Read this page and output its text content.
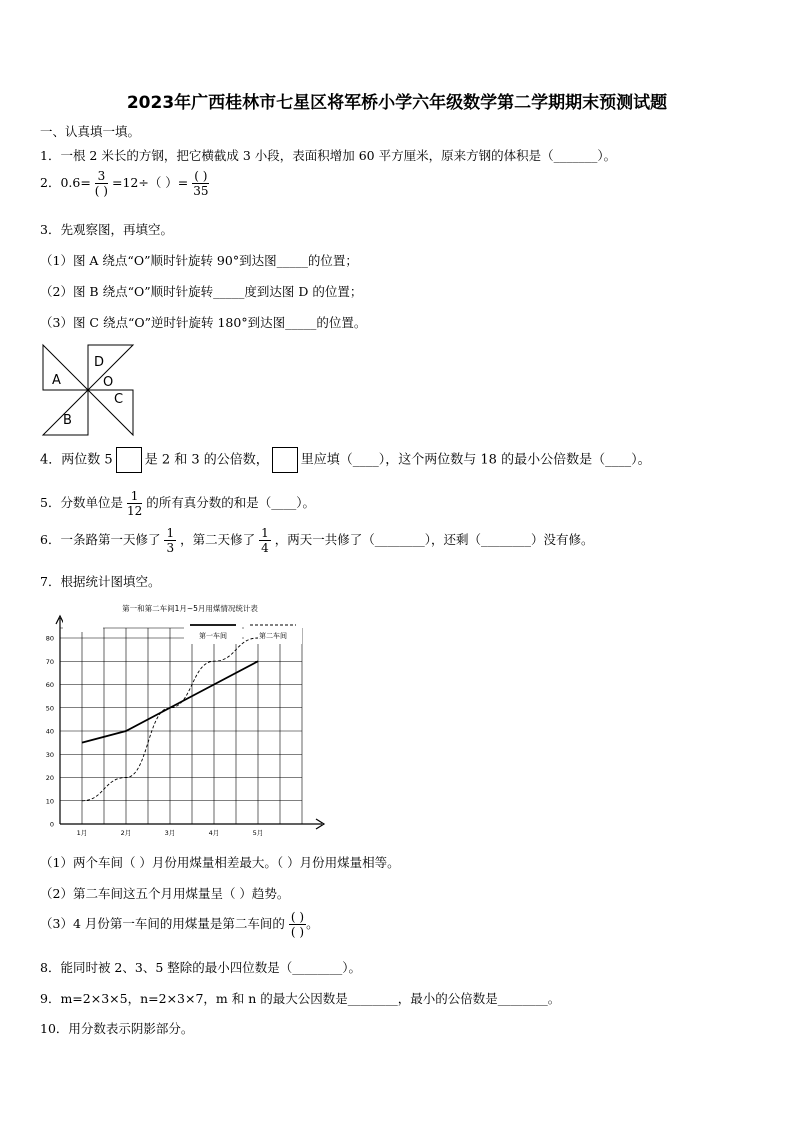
2023年广西桂林市七星区将军桥小学六年级数学第二学期期末预测试题
一、认真填一填。
1．一根 2 米长的方钢，把它横截成 3 小段，表面积增加 60 平方厘米，原来方钢的体积是（_______）。
2．$0.6= \frac{3}{( )} =12\div$（ ）= $\frac{( )}{35}$
3．先观察图，再填空。
（1）图 A 绕点“O”顺时针旋转 90°到达图_____的位置；
（2）图 B 绕点“O”顺时针旋转_____度到达图 D 的位置；
（3）图 C 绕点“O”逆时针旋转 180°到达图_____的位置。
A
D
O
C
B
4．两位数 5 是 2 和 3 的公倍数， 里应填（____），这个两位数与 18 的最小公倍数是（____）。
5．分数单位是 $\frac{1}{12}$ 的所有真分数的和是（____）。
6．一条路第一天修了 $\frac{1}{3}$ ，第二天修了 $\frac{1}{4}$ ，两天一共修了（________），还剩（________）没有修。
7．根据统计图填空。
第一和第二车间1月~5月用煤情况统计表
第一车间	第二车间
0
10
20
30
40
50
60
70
80
1月	2月	3月	4月	5月
（1）两个车间（ ）月份用煤量相差最大。（ ）月份用煤量相等。
（2）第二车间这五个月用煤量呈（ ）趋势。
（3）4 月份第一车间的用煤量是第二车间的 $\frac{( )}{( )}$ 。
8．能同时被 2、3、5 整除的最小四位数是（________）。
9．m=2×3×5，n=2×3×7，m 和 n 的最大公因数是________，最小的公倍数是________。
10．用分数表示阴影部分。
